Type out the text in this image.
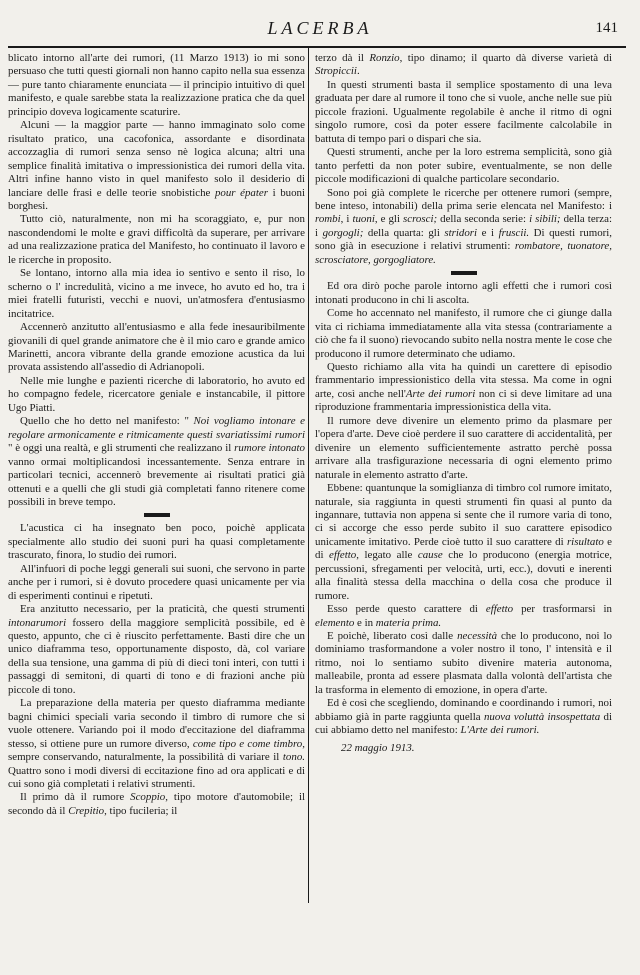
LACERBA	141

blicato intorno all'arte dei rumori, (11 Marzo 1913) io mi sono persuaso che tutti questi giornali non hanno capito nella sua essenza — pure tanto chiaramente enunciata — il principio intuitivo di quel manifesto, e quale sarebbe stata la realizzazione pratica che da quel principio doveva logicamente scaturire.

Alcuni — la maggior parte — hanno immaginato solo come risultato pratico, una cacofonica, assordante e disordinata accozzaglia di rumori senza senso nè logica alcuna; altri una semplice finalità imitativa o impressionistica dei rumori della vita. Altri infine hanno visto in quel manifesto solo il desiderio di lanciare delle frasi e delle teorie snobistiche pour épater i buoni borghesi.

Tutto ciò, naturalmente, non mi ha scoraggiato, e, pur non nascondendomi le molte e gravi difficoltà da superare, per arrivare ad una realizzazione pratica del Manifesto, ho continuato il lavoro e le ricerche in proposito.

Se lontano, intorno alla mia idea io sentivo e sento il riso, lo scherno o l' incredulità, vicino a me invece, ho avuto ed ho, tra i miei fratelli futuristi, vecchi e nuovi, un'atmosfera d'entusiasmo incitatrice.

Accennerò anzitutto all'entusiasmo e alla fede inesauribilmente giovanili di quel grande animatore che è il mio caro e grande amico Marinetti, ancora vibrante della grande emozione acustica da lui provata assistendo all'assedio di Adrianopoli.

Nelle mie lunghe e pazienti ricerche di laboratorio, ho avuto ed ho compagno fedele, ricercatore geniale e instancabile, il pittore Ugo Piatti.

Quello che ho detto nel manifesto: " Noi vogliamo intonare e regolare armonicamente e ritmicamente questi svariatissimi rumori " è oggi una realtà, e gli strumenti che realizzano il rumore intonato vanno ormai moltiplicandosi incessantemente. Senza entrare in particolari tecnici, accennerò brevemente ai risultati pratici già ottenuti e a quelli che gli studi già completati fanno ritenere come possibili in breve tempo.

L'acustica ci ha insegnato ben poco, poichè applicata specialmente allo studio dei suoni puri ha quasi completamente trascurato, finora, lo studio dei rumori.

All'infuori di poche leggi generali sui suoni, che servono in parte anche per i rumori, si è dovuto procedere quasi unicamente per via di esperimenti continui e ripetuti.

Era anzitutto necessario, per la praticità, che questi strumenti intonarumori fossero della maggiore semplicità possibile, ed è questo, appunto, che ci è riuscito perfettamente. Basti dire che un unico diaframma teso, opportunamente disposto, dà, col variare della sua tensione, una gamma di più di dieci toni interi, con tutti i passaggi di semitoni, di quarti di tono e di frazioni anche più piccole di tono.

La preparazione della materia per questo diaframma mediante bagni chimici speciali varia secondo il timbro di rumore che si vuole ottenere. Variando poi il modo d'eccitazione del diaframma stesso, si ottiene pure un rumore diverso, come tipo e come timbro, sempre conservando, naturalmente, la possibilità di variare il tono. Quattro sono i modi diversi di eccitazione fino ad ora applicati e di cui sono già completati i relativi strumenti.

Il primo dà il rumore Scoppio, tipo motore d'automobile; il secondo dà il Crepitio, tipo fucileria; il

terzo dà il Ronzio, tipo dinamo; il quarto dà diverse varietà di Stropiccii.

In questi strumenti basta il semplice spostamento di una leva graduata per dare al rumore il tono che si vuole, anche nelle sue più piccole frazioni. Ugualmente regolabile è anche il ritmo di ogni singolo rumore, così da poter essere facilmente calcolabile in battuta di tempo pari o dispari che sia.

Questi strumenti, anche per la loro estrema semplicità, sono già tanto perfetti da non poter subire, eventualmente, se non delle piccole modificazioni di qualche particolare secondario.

Sono poi già complete le ricerche per ottenere rumori (sempre, bene inteso, intonabili) della prima serie elencata nel Manifesto: i rombi, i tuoni, e gli scrosci; della seconda serie: i sibili; della terza: i gorgogli; della quarta: gli stridori e i fruscii. Di questi rumori, sono già in esecuzione i relativi strumenti: rombatore, tuonatore, scrosciatore, gorgogliatore.

Ed ora dirò poche parole intorno agli effetti che i rumori così intonati producono in chi li ascolta.

Come ho accennato nel manifesto, il rumore che ci giunge dalla vita ci richiama immediatamente alla vita stessa (contrariamente a ciò che fa il suono) rievocando subito nella nostra mente le cose che producono il rumore determinato che udiamo.

Questo richiamo alla vita ha quindi un carettere di episodio frammentario impressionistico della vita stessa. Ma come in ogni arte, così anche nell'Arte dei rumori non ci si deve limitare ad una riproduzione frammentaria impressionistica della vita.

Il rumore deve divenire un elemento primo da plasmare per l'opera d'arte. Deve cioè perdere il suo carattere di accidentalità, per divenire un elemento sufficientemente astratto perchè possa arrivare alla trasfigurazione necessaria di ogni elemento primo naturale in elemento astratto d'arte.

Ebbene: quantunque la somiglianza di timbro col rumore imitato, naturale, sia raggiunta in questi strumenti fin quasi al punto da ingannare, tuttavia non appena si sente che il rumore varia di tono, ci si accorge che esso perde subito il suo carattere episodico unicamente imitativo. Perde cioè tutto il suo carattere di risultato e di effetto, legato alle cause che lo producono (energia motrice, percussioni, sfregamenti per velocità, urti, ecc.), dovuti e inerenti alla finalità stessa della macchina o della cosa che produce il rumore.

Esso perde questo carattere di effetto per trasformarsi in elemento e in materia prima.

E poichè, liberato così dalle necessità che lo producono, noi lo dominiamo trasformandone a voler nostro il tono, l' intensità e il ritmo, noi lo sentiamo subito divenire materia autonoma, malleabile, pronta ad essere plasmata dalla volontà dell'artista che la trasforma in elemento di emozione, in opera d'arte.

Ed è così che scegliendo, dominando e coordinando i rumori, noi abbiamo già in parte raggiunta quella nuova voluttà insospettata di cui abbiamo detto nel manifesto: L'Arte dei rumori.

22 maggio 1913.
